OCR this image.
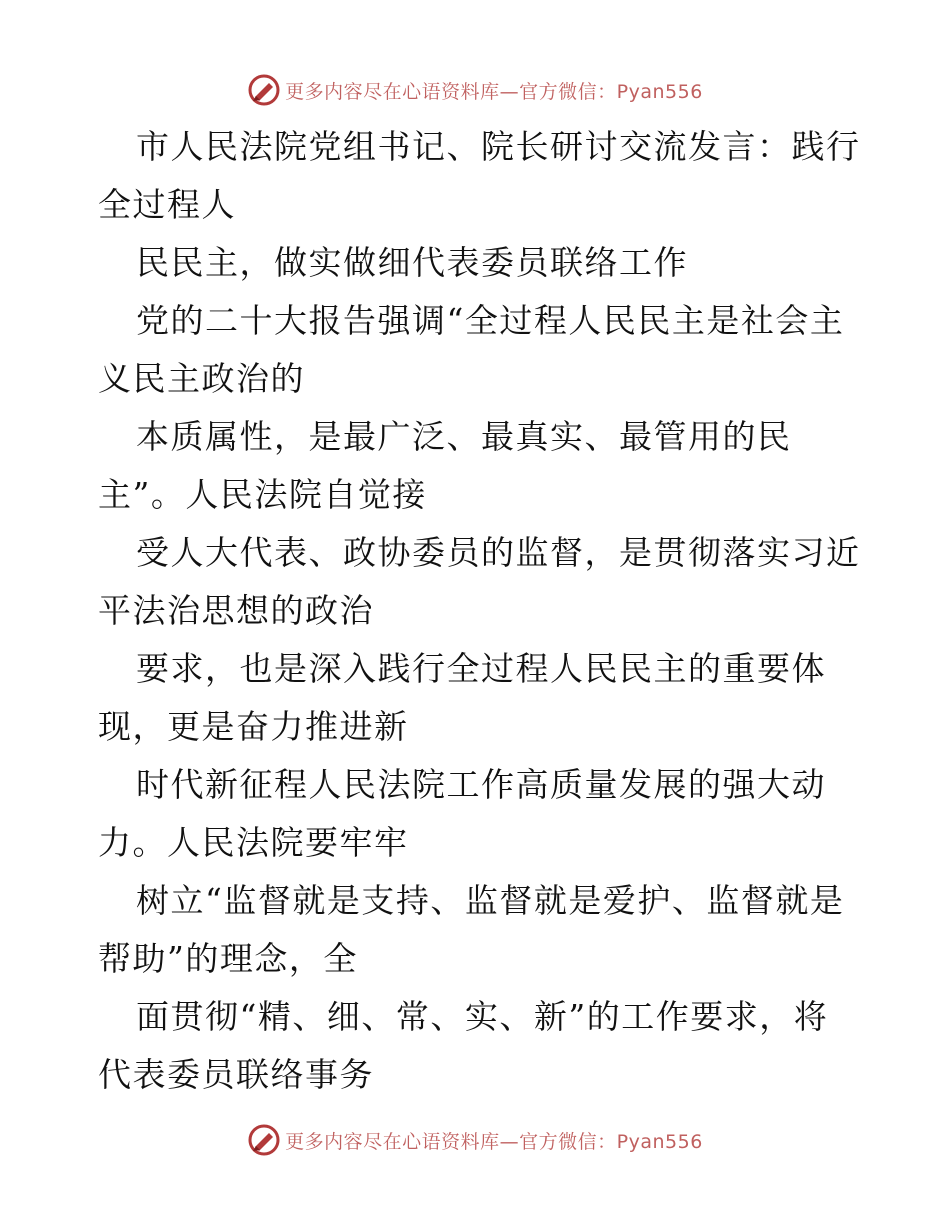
更多内容尽在心语资料库—官方微信：Pyan556
市人民法院党组书记、院长研讨交流发言：践行
全过程人
民民主，做实做细代表委员联络工作
党的二十大报告强调“全过程人民民主是社会主
义民主政治的
本质属性，是最广泛、最真实、最管用的民
主”。人民法院自觉接
受人大代表、政协委员的监督，是贯彻落实习近
平法治思想的政治
要求，也是深入践行全过程人民民主的重要体
现，更是奋力推进新
时代新征程人民法院工作高质量发展的强大动
力。人民法院要牢牢
树立“监督就是支持、监督就是爱护、监督就是
帮助”的理念，全
面贯彻“精、细、常、实、新”的工作要求，将
代表委员联络事务
更多内容尽在心语资料库—官方微信：Pyan556
